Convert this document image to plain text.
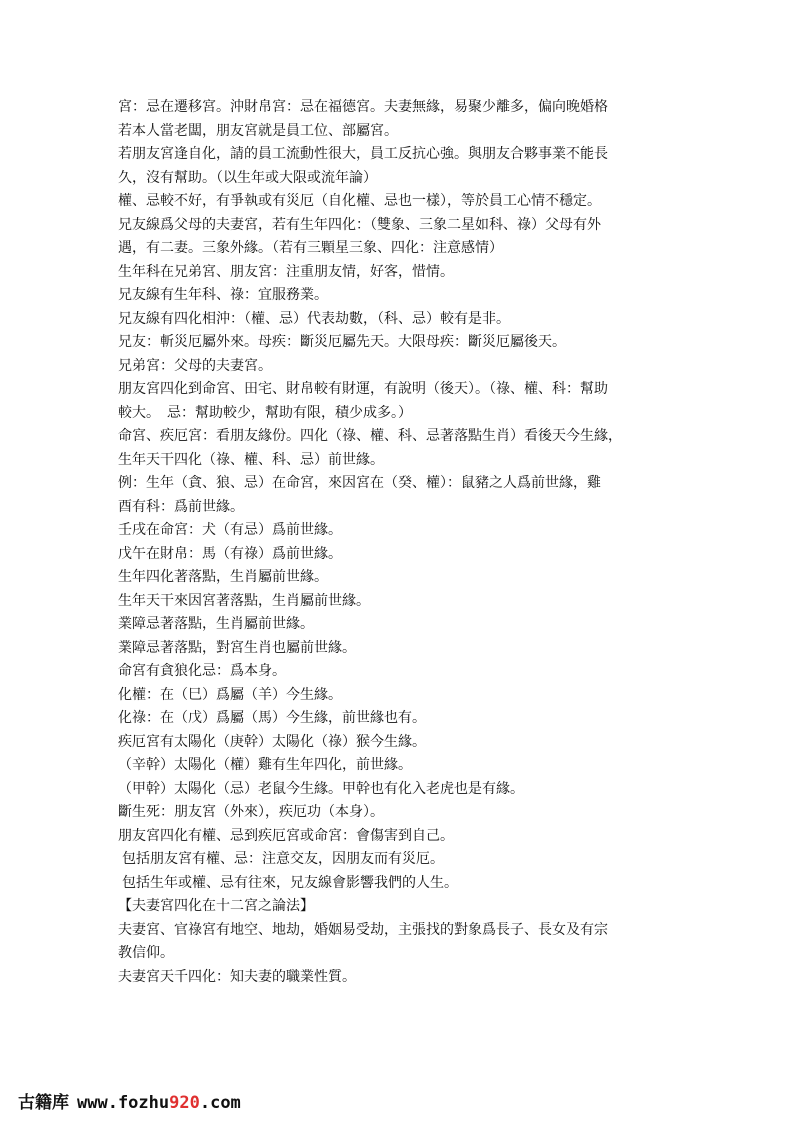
宮：忌在遷移宮。沖財帛宮：忌在福德宮。夫妻無緣，易聚少離多，偏向晚婚格
若本人當老闆，朋友宮就是員工位、部屬宮。
若朋友宮逢自化，請的員工流動性很大，員工反抗心強。與朋友合夥事業不能長
久，沒有幫助。（以生年或大限或流年論）
權、忌較不好，有爭執或有災厄（自化權、忌也一樣），等於員工心情不穩定。
兄友線爲父母的夫妻宮，若有生年四化：（雙象、三象二星如科、祿）父母有外
遇，有二妻。三象外緣。（若有三顆星三象、四化：注意感情）
生年科在兄弟宮、朋友宮：注重朋友情，好客，惜情。
兄友線有生年科、祿：宜服務業。
兄友線有四化相沖：（權、忌）代表劫數，（科、忌）較有是非。
兄友：斬災厄屬外來。母疾：斷災厄屬先天。大限母疾：斷災厄屬後天。
兄弟宮：父母的夫妻宮。
朋友宮四化到命宮、田宅、財帛較有財運，有說明（後天）。（祿、權、科：幫助
較大。　忌：幫助較少，幫助有限，積少成多。）
命宮、疾厄宮：看朋友緣份。四化（祿、權、科、忌著落點生肖）看後天今生緣，
生年天干四化（祿、權、科、忌）前世緣。
例：生年（貪、狼、忌）在命宮，來因宮在（癸、權）：鼠豬之人爲前世緣，雞
酉有科：爲前世緣。
壬戌在命宮：犬（有忌）爲前世緣。
戊午在財帛：馬（有祿）爲前世緣。
生年四化著落點，生肖屬前世緣。
生年天干來因宮著落點，生肖屬前世緣。
業障忌著落點，生肖屬前世緣。
業障忌著落點，對宮生肖也屬前世緣。
命宮有貪狼化忌：爲本身。
化權：在（巳）爲屬（羊）今生緣。
化祿：在（戊）爲屬（馬）今生緣，前世緣也有。
疾厄宮有太陽化（庚幹）太陽化（祿）猴今生緣。
（辛幹）太陽化（權）雞有生年四化，前世緣。
（甲幹）太陽化（忌）老鼠今生緣。甲幹也有化入老虎也是有緣。
斷生死：朋友宮（外來），疾厄功（本身）。
朋友宮四化有權、忌到疾厄宮或命宮：會傷害到自己。
包括朋友宮有權、忌：注意交友，因朋友而有災厄。
包括生年或權、忌有往來，兄友線會影響我們的人生。
【夫妻宮四化在十二宮之論法】
夫妻宮、官祿宮有地空、地劫，婚姻易受劫，主張找的對象爲長子、長女及有宗
教信仰。
夫妻宮天千四化：知夫妻的職業性質。
古籍库 www.fozhu920.com
